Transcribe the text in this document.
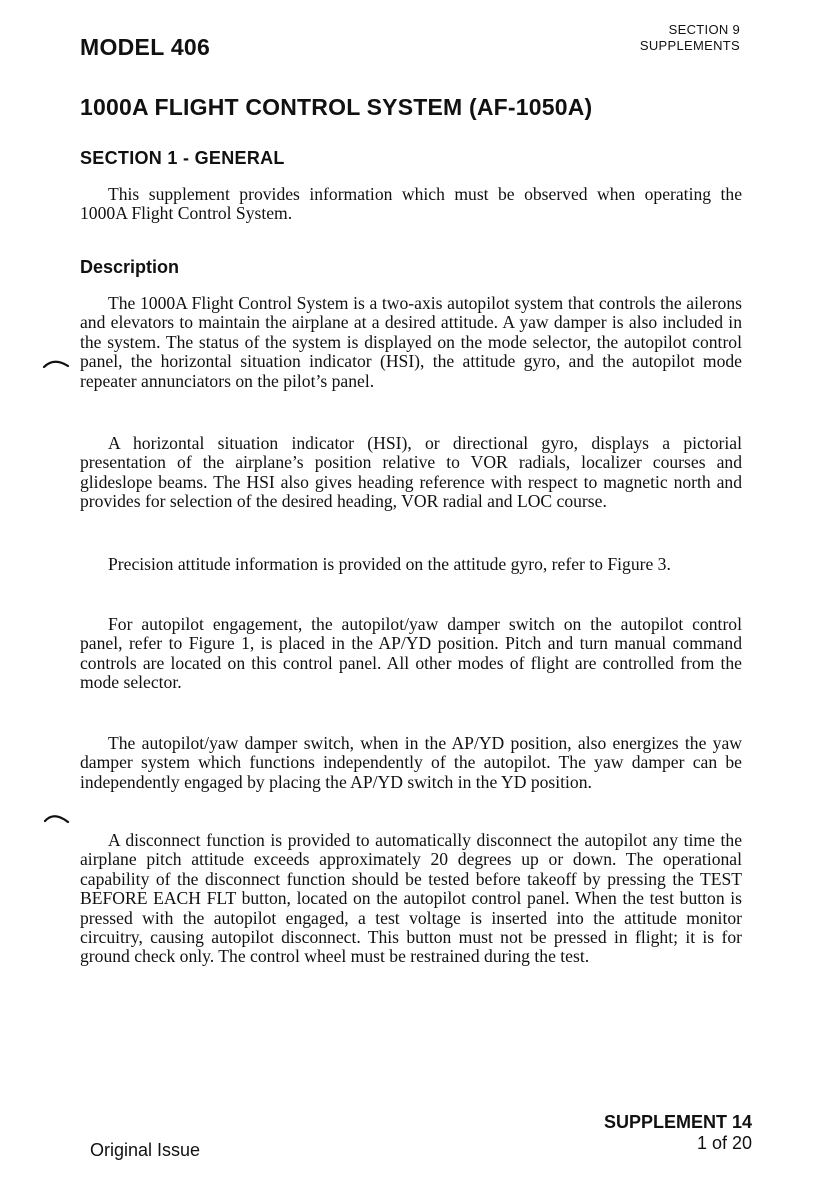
MODEL 406
SECTION 9
SUPPLEMENTS
1000A FLIGHT CONTROL SYSTEM (AF-1050A)
SECTION 1 - GENERAL

This supplement provides information which must be observed when operating the 1000A Flight Control System.

Description

The 1000A Flight Control System is a two-axis autopilot system that controls the ailerons and elevators to maintain the airplane at a desired attitude. A yaw damper is also included in the system. The status of the system is displayed on the mode selector, the autopilot control panel, the horizontal situation indicator (HSI), the attitude gyro, and the autopilot mode repeater annunciators on the pilot’s panel.

A horizontal situation indicator (HSI), or directional gyro, displays a pictorial presentation of the airplane’s position relative to VOR radials, localizer courses and glideslope beams. The HSI also gives heading reference with respect to magnetic north and provides for selection of the desired heading, VOR radial and LOC course.

Precision attitude information is provided on the attitude gyro, refer to Figure 3.

For autopilot engagement, the autopilot/yaw damper switch on the autopilot control panel, refer to Figure 1, is placed in the AP/YD position. Pitch and turn manual command controls are located on this control panel. All other modes of flight are controlled from the mode selector.

The autopilot/yaw damper switch, when in the AP/YD position, also energizes the yaw damper system which functions independently of the autopilot. The yaw damper can be independently engaged by placing the AP/YD switch in the YD position.

A disconnect function is provided to automatically disconnect the autopilot any time the airplane pitch attitude exceeds approximately 20 degrees up or down. The operational capability of the disconnect function should be tested before takeoff by pressing the TEST BEFORE EACH FLT button, located on the autopilot control panel. When the test button is pressed with the autopilot engaged, a test voltage is inserted into the attitude monitor circuitry, causing autopilot disconnect. This button must not be pressed in flight; it is for ground check only. The control wheel must be restrained during the test.

SUPPLEMENT 14
1 of 20
Original Issue
